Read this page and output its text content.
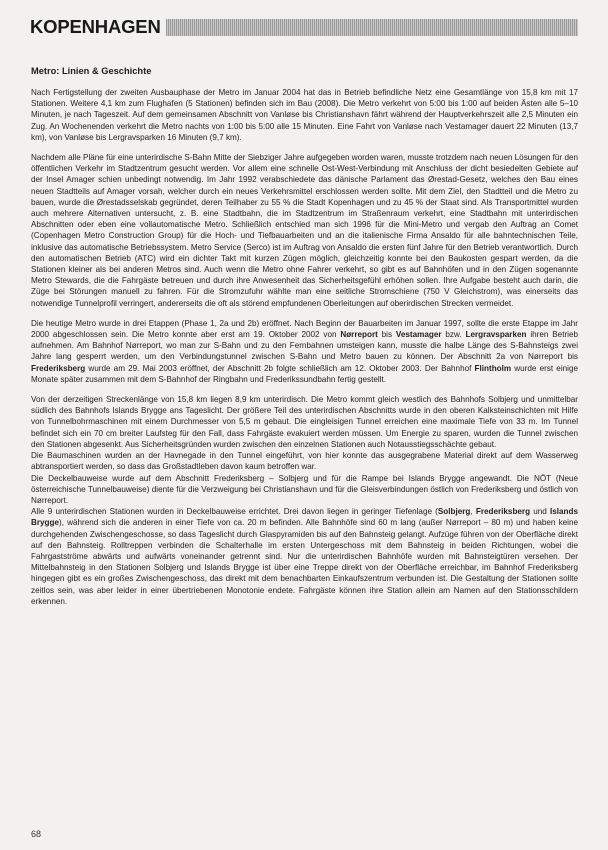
KOPENHAGEN
Metro: Linien & Geschichte

Nach Fertigstellung der zweiten Ausbauphase der Metro im Januar 2004 hat das in Betrieb befindliche Netz eine Gesamtlänge von 15,8 km mit 17 Stationen. Weitere 4,1 km zum Flughafen (5 Stationen) befinden sich im Bau (2008). Die Metro verkehrt von 5:00 bis 1:00 auf beiden Ästen alle 5–10 Minuten, je nach Tageszeit. Auf dem gemeinsamen Abschnitt von Vanløse bis Christianshavn fährt während der Hauptverkehrszeit alle 2,5 Minuten ein Zug. An Wochenenden verkehrt die Metro nachts von 1:00 bis 5:00 alle 15 Minuten. Eine Fahrt von Vanløse nach Vestamager dauert 22 Minuten (13,7 km), von Vanløse bis Lergravsparken 16 Minuten (9,7 km).

Nachdem alle Pläne für eine unterirdische S-Bahn Mitte der Siebziger Jahre aufgegeben worden waren, musste trotzdem nach neuen Lösungen für den öffentlichen Verkehr im Stadtzentrum gesucht werden. Vor allem eine schnelle Ost-West-Verbindung mit Anschluss der dicht besiedelten Gebiete auf der Insel Amager schien unbedingt notwendig. Im Jahr 1992 verabschiedete das dänische Parlament das Ørestad-Gesetz, welches den Bau eines neuen Stadtteils auf Amager vorsah, welcher durch ein neues Verkehrsmittel erschlossen werden sollte. Mit dem Ziel, den Stadtteil und die Metro zu bauen, wurde die Ørestadsselskab gegründet, deren Teilhaber zu 55 % die Stadt Kopenhagen und zu 45 % der Staat sind. Als Transportmittel wurden auch mehrere Alternativen untersucht, z. B. eine Stadtbahn, die im Stadtzentrum im Straßenraum verkehrt, eine Stadtbahn mit unterirdischen Abschnitten oder eben eine vollautomatische Metro. Schließlich entschied man sich 1996 für die Mini-Metro und vergab den Auftrag an Comet (Copenhagen Metro Construction Group) für die Hoch- und Tiefbauarbeiten und an die italienische Firma Ansaldo für alle bahntechnischen Teile, inklusive das automatische Betriebssystem. Metro Service (Serco) ist im Auftrag von Ansaldo die ersten fünf Jahre für den Betrieb verantwortlich. Durch den automatischen Betrieb (ATC) wird ein dichter Takt mit kurzen Zügen möglich, gleichzeitig konnte bei den Baukosten gespart werden, da die Stationen kleiner als bei anderen Metros sind. Auch wenn die Metro ohne Fahrer verkehrt, so gibt es auf Bahnhöfen und in den Zügen sogenannte Metro Stewards, die die Fahrgäste betreuen und durch ihre Anwesenheit das Sicherheitsgefühl erhöhen sollen. Ihre Aufgabe besteht auch darin, die Züge bei Störungen manuell zu fahren. Für die Stromzufuhr wählte man eine seitliche Stromschiene (750 V Gleichstrom), was einerseits das notwendige Tunnelprofil verringert, andererseits die oft als störend empfundenen Oberleitungen auf oberirdischen Strecken vermeidet.

Die heutige Metro wurde in drei Etappen (Phase 1, 2a und 2b) eröffnet. Nach Beginn der Bauarbeiten im Januar 1997, sollte die erste Etappe im Jahr 2000 abgeschlossen sein. Die Metro konnte aber erst am 19. Oktober 2002 von Nørreport bis Vestamager bzw. Lergravsparken ihren Betrieb aufnehmen. Am Bahnhof Nørreport, wo man zur S-Bahn und zu den Fernbahnen umsteigen kann, musste die halbe Länge des S-Bahnsteigs zwei Jahre lang gesperrt werden, um den Verbindungstunnel zwischen S-Bahn und Metro bauen zu können. Der Abschnitt 2a von Nørreport bis Frederiksberg wurde am 29. Mai 2003 eröffnet, der Abschnitt 2b folgte schließlich am 12. Oktober 2003. Der Bahnhof Flintholm wurde erst einige Monate später zusammen mit dem S-Bahnhof der Ringbahn und Frederikssundbahn fertig gestellt.

Von der derzeitigen Streckenlänge von 15,8 km liegen 8,9 km unterirdisch. Die Metro kommt gleich westlich des Bahnhofs Solbjerg und unmittelbar südlich des Bahnhofs Islands Brygge ans Tageslicht. Der größere Teil des unterirdischen Abschnitts wurde in den oberen Kalksteinschichten mit Hilfe von Tunnelbohrmaschinen mit einem Durchmesser von 5,5 m gebaut. Die eingleisigen Tunnel erreichen eine maximale Tiefe von 33 m. Im Tunnel befindet sich ein 70 cm breiter Laufsteg für den Fall, dass Fahrgäste evakuiert werden müssen. Um Energie zu sparen, wurden die Tunnel zwischen den Stationen abgesenkt. Aus Sicherheitsgründen wurden zwischen den einzelnen Stationen auch Notausstiegsschächte gebaut.

Die Baumaschinen wurden an der Havnegade in den Tunnel eingeführt, von hier konnte das ausgegrabene Material direkt auf dem Wasserweg abtransportiert werden, so dass das Großstadtleben davon kaum betroffen war.

Die Deckelbauweise wurde auf dem Abschnitt Frederiksberg – Solbjerg und für die Rampe bei Islands Brygge angewandt. Die NÖT (Neue österreichische Tunnelbauweise) diente für die Verzweigung bei Christianshavn und für die Gleisverbindungen östlich von Frederiksberg und östlich von Nørreport.

Alle 9 unterirdischen Stationen wurden in Deckelbauweise errichtet. Drei davon liegen in geringer Tiefenlage (Solbjerg, Frederiksberg und Islands Brygge), während sich die anderen in einer Tiefe von ca. 20 m befinden. Alle Bahnhöfe sind 60 m lang (außer Nørreport – 80 m) und haben keine durchgehenden Zwischengeschosse, so dass Tageslicht durch Glaspyramiden bis auf den Bahnsteig gelangt. Aufzüge führen von der Oberfläche direkt auf den Bahnsteig. Rolltreppen verbinden die Schalterhalle im ersten Untergeschoss mit dem Bahnsteig in beiden Richtungen, wobei die Fahrgastströme abwärts und aufwärts voneinander getrennt sind. Nur die unterirdischen Bahnhöfe wurden mit Bahnsteigtüren versehen. Der Mittelbahnsteig in den Stationen Solbjerg und Islands Brygge ist über eine Treppe direkt von der Oberfläche erreichbar, im Bahnhof Frederiksberg hingegen gibt es ein großes Zwischengeschoss, das direkt mit dem benachbarten Einkaufszentrum verbunden ist. Die Gestaltung der Stationen sollte zeitlos sein, was aber leider in einer übertriebenen Monotonie endete. Fahrgäste können ihre Station allein am Namen auf den Stationsschildern erkennen.

68
